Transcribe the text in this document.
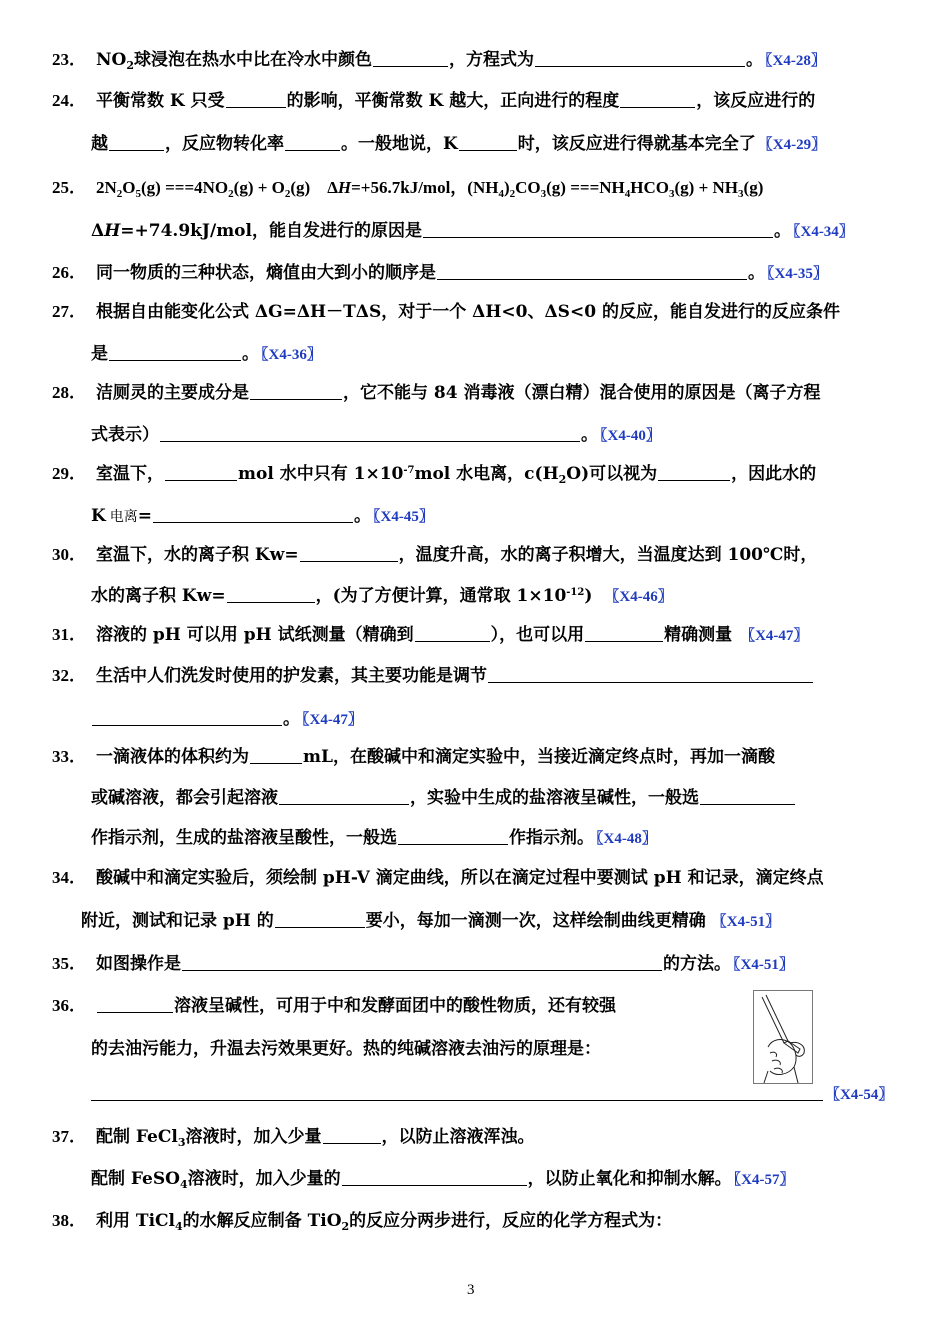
23． $NO_2$球浸泡在热水中比在冷水中颜色	，方程式为	。 〖X4-28〗
24． 平衡常数 K 只受	的影响，平衡常数 K 越大，正向进行的程度	，该反应进行的
越	，反应物转化率	。一般地说，K	时，该反应进行得就基本完全了 〖X4-29〗
25． $2N_2O_5(g) ===4NO_2(g) + O_2(g)$　ΔH=+56.7kJ/mol，$(NH_4)_2CO_3(g) ===NH_4HCO_3(g) + NH_3(g)$
ΔH=+74.9kJ/mol，能自发进行的原因是	。 〖X4-34〗
26． 同一物质的三种状态，熵值由大到小的顺序是	。 〖X4-35〗
27． 根据自由能变化公式 ΔG=ΔH－TΔS，对于一个 ΔH<0、ΔS<0 的反应，能自发进行的反应条件
是	。 〖X4-36〗
28． 洁厕灵的主要成分是	，它不能与 84 消毒液（漂白精）混合使用的原因是（离子方程
式表示）	。 〖X4-40〗
29． 室温下，	mol 水中只有 $1\times 10^{-7}mol$ 水电离，$c(H_2O)$可以视为	，因此水的
K 电离=	。 〖X4-45〗
30． 室温下，水的离子积 Kw=	，温度升高，水的离子积增大，当温度达到 100℃时，
水的离子积 Kw=	，(为了方便计算，通常取 $1\times 10^{-12}$) 〖X4-46〗
31． 溶液的 pH 可以用 pH 试纸测量（精确到	），也可以用	精确测量 〖X4-47〗
32． 生活中人们洗发时使用的护发素，其主要功能是调节
。 〖X4-47〗
33． 一滴液体的体积约为	mL，在酸碱中和滴定实验中，当接近滴定终点时，再加一滴酸
或碱溶液，都会引起溶液	，实验中生成的盐溶液呈碱性，一般选
作指示剂，生成的盐溶液呈酸性，一般选	作指示剂。 〖X4-48〗
34． 酸碱中和滴定实验后，须绘制 pH-V 滴定曲线，所以在滴定过程中要测试 pH 和记录，滴定终点
附近，测试和记录 pH 的	要小，每加一滴测一次，这样绘制曲线更精确 〖X4-51〗
35． 如图操作是	的方法。 〖X4-51〗
36．	溶液呈碱性，可用于中和发酵面团中的酸性物质，还有较强
的去油污能力，升温去污效果更好。热的纯碱溶液去油污的原理是：
〖X4-54〗
37． 配制 FeCl$_3$溶液时，加入少量	，以防止溶液浑浊。
配制 FeSO$_4$溶液时，加入少量的	，以防止氧化和抑制水解。 〖X4-57〗
38． 利用 TiCl$_4$的水解反应制备 TiO$_2$的反应分两步进行，反应的化学方程式为：
3
